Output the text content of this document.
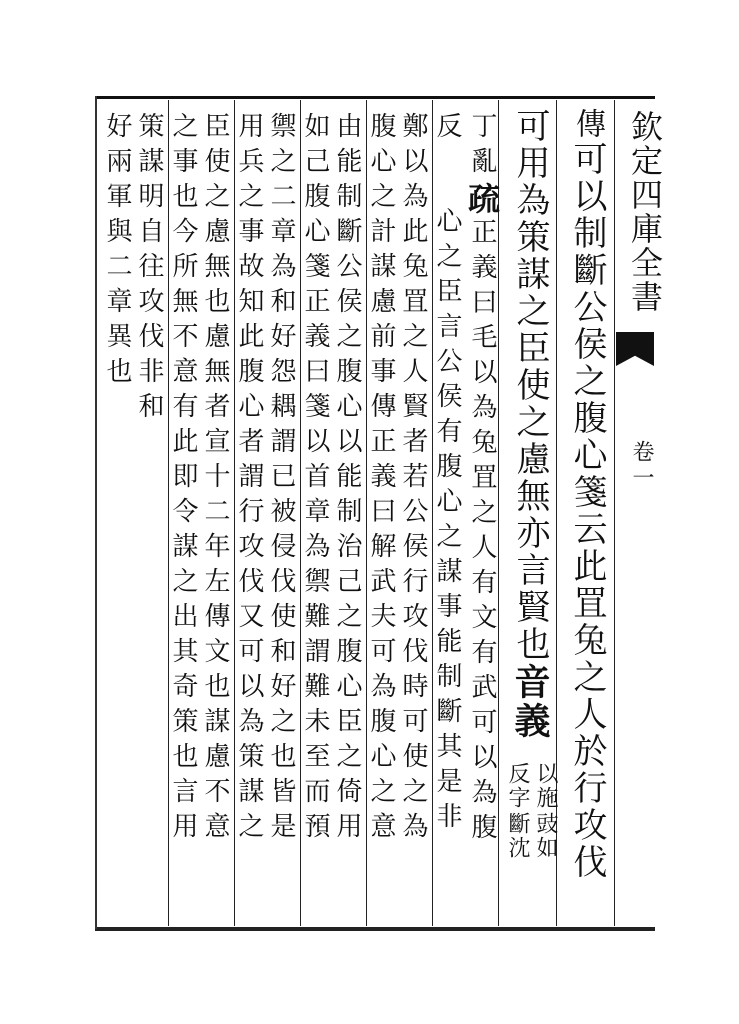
欽定四庫全書
卷一
傳可以制斷公侯之腹心箋云此罝兔之人於行攻伐
可用為策謀之臣使之慮無亦言賢也音義
以施
豉如
反字
斷沈
丁亂疏正義曰毛以為兔罝之人有文有武可以為腹
反心之臣言公侯有腹心之謀事能制斷其是非
鄭以為此兔罝之人賢者若公侯行攻伐時可使之為
腹心之計謀慮前事傳正義曰解武夫可為腹心之意
由能制斷公侯之腹心以能制治己之腹心臣之倚用
如己腹心箋正義曰箋以首章為禦難謂難未至而預
禦之二章為和好怨耦謂已被侵伐使和好之也皆是
用兵之事故知此腹心者謂行攻伐又可以為策謀之
臣使之慮無也慮無者宣十二年左傳文也謀慮不意
之事也今所無不意有此即令謀之出其奇策也言用
策謀明自往攻伐非和
好兩軍與二章異也
